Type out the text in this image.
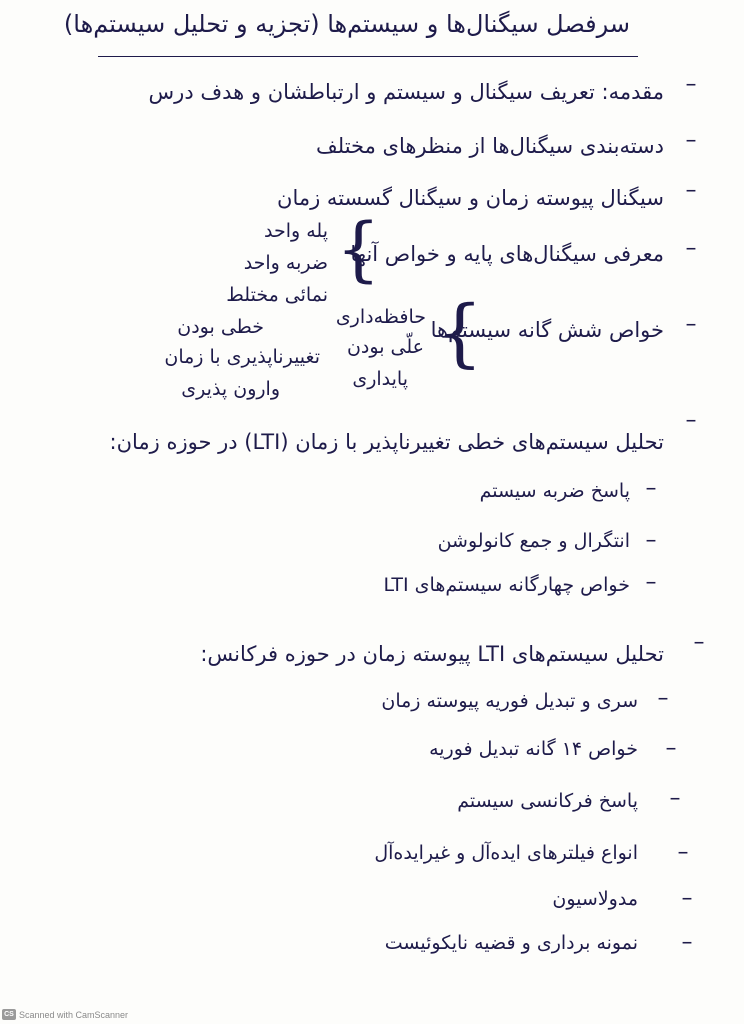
سرفصل سیگنال‌ها و سیستم‌ها (تجزیه و تحلیل سیستم‌ها)
–
مقدمه: تعریف سیگنال و سیستم و ارتباطشان و هدف درس
–
دسته‌بندی سیگنال‌ها از منظرهای مختلف
–
سیگنال پیوسته زمان و سیگنال گسسته زمان
–
معرفی سیگنال‌های پایه و خواص آنها
{
پله واحد
ضربه واحد
نمائی مختلط
–
خواص شش گانه سیستم‌ها
{
حافظه‌داری
علّی بودن
پایداری
خطی بودن
تغییرناپذیری با زمان
وارون پذیری
–
تحلیل سیستم‌های خطی تغییرناپذیر با زمان (LTI) در حوزه زمان:
–
پاسخ ضربه سیستم
–
انتگرال و جمع کانولوشن
–
خواص چهارگانه سیستم‌های LTI
–
تحلیل سیستم‌های LTI پیوسته زمان در حوزه فرکانس:
–
سری و تبدیل فوریه پیوسته زمان
–
خواص ۱۴ گانه تبدیل فوریه
–
پاسخ فرکانسی سیستم
–
انواع فیلترهای ایده‌آل و غیرایده‌آل
–
مدولاسیون
–
نمونه برداری و قضیه نایکوئیست
CS Scanned with CamScanner
